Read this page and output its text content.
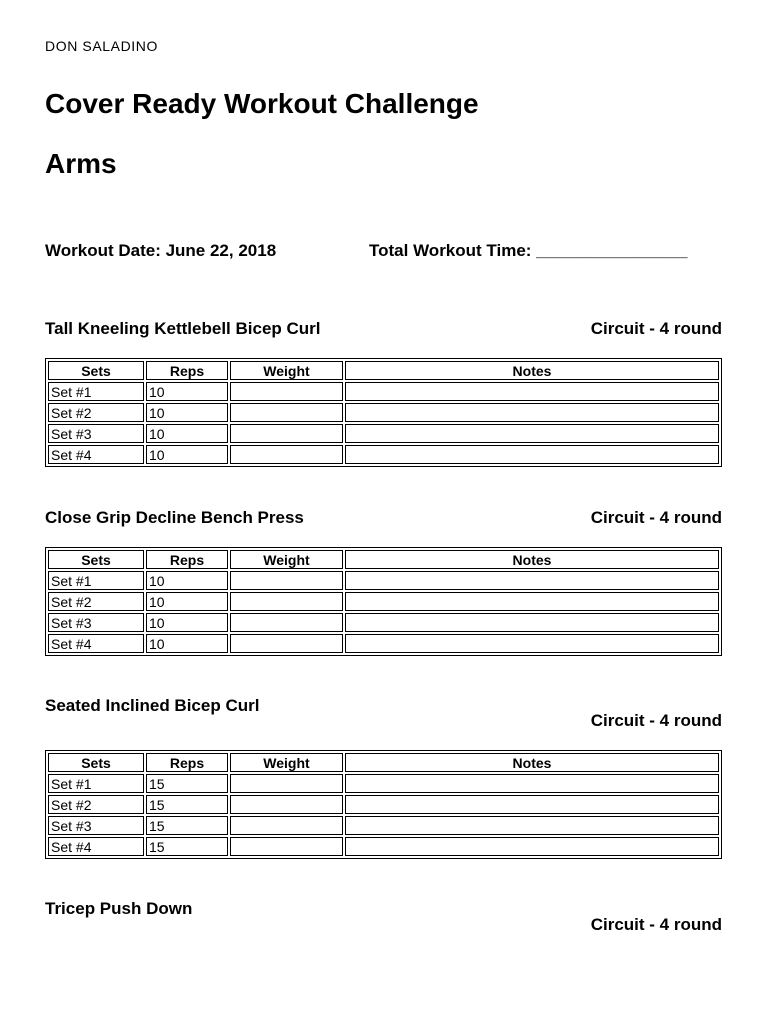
DON SALADINO
Cover Ready Workout Challenge
Arms
Workout Date: June 22, 2018	Total Workout Time: ________________
Tall Kneeling Kettlebell Bicep Curl	Circuit - 4 round
Sets	Reps	Weight	Notes
Set #1	10		
Set #2	10		
Set #3	10		
Set #4	10		
Close Grip Decline Bench Press	Circuit - 4 round
Sets	Reps	Weight	Notes
Set #1	10		
Set #2	10		
Set #3	10		
Set #4	10		
Seated Inclined Bicep Curl
Circuit - 4 round
Sets	Reps	Weight	Notes
Set #1	15		
Set #2	15		
Set #3	15		
Set #4	15		
Tricep Push Down
Circuit - 4 round
